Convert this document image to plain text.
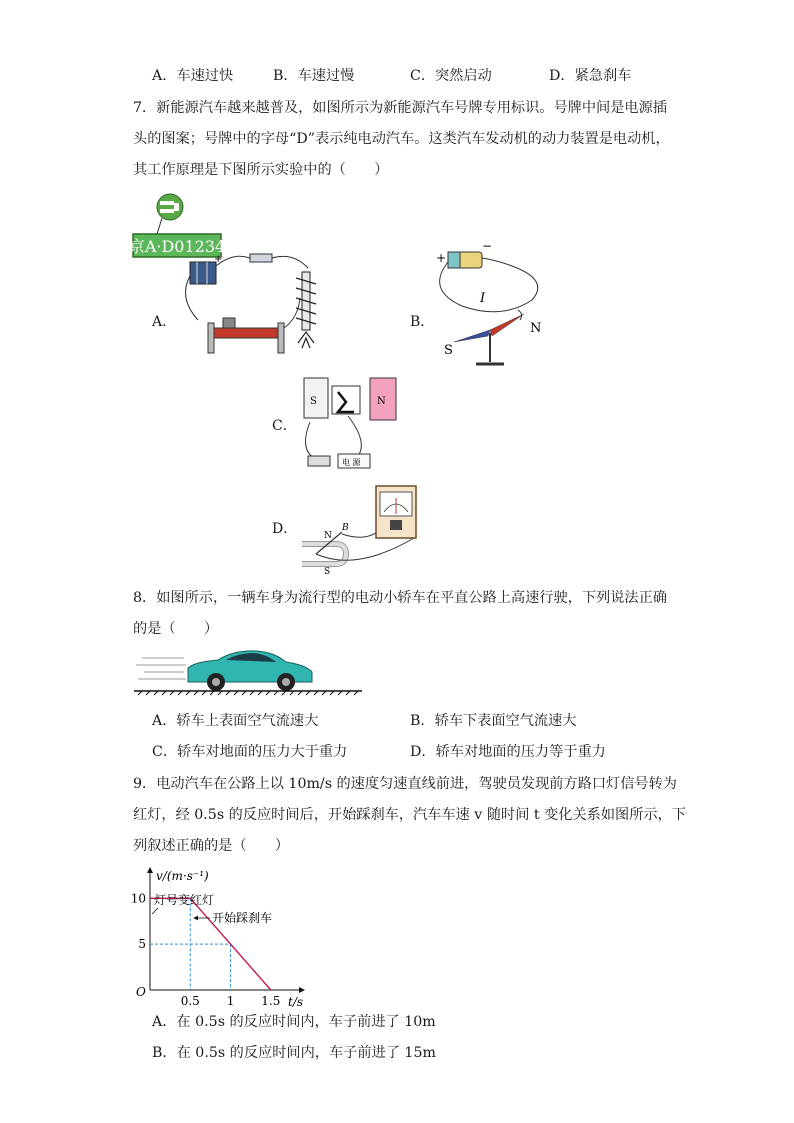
A．车速过快	B．车速过慢	C．突然启动	D．紧急刹车
7．新能源汽车越来越普及，如图所示为新能源汽车号牌专用标识。号牌中间是电源插
头的图案；号牌中的字母“D”表示纯电动汽车。这类汽车发动机的动力装置是电动机，
其工作原理是下图所示实验中的（　　）
京A·D01234
A．
+
B．
+
−
I
N
S
C．
S	N
电 源
D．	N
S
B
8．如图所示，一辆车身为流行型的电动小轿车在平直公路上高速行驶，下列说法正确
的是（　　）
A．轿车上表面空气流速大	B．轿车下表面空气流速大
C．轿车对地面的压力大于重力	D．轿车对地面的压力等于重力
9．电动汽车在公路上以 10m/s 的速度匀速直线前进，驾驶员发现前方路口灯信号转为
红灯，经 0.5s 的反应时间后，开始踩刹车，汽车车速 v 随时间 t 变化关系如图所示，下
列叙述正确的是（　　）
v/(m·s⁻¹)
t/s
O
5
10
0.5 1 1.5
灯号变红灯
开始踩刹车
A．在 0.5s 的反应时间内，车子前进了 10m
B．在 0.5s 的反应时间内，车子前进了 15m
